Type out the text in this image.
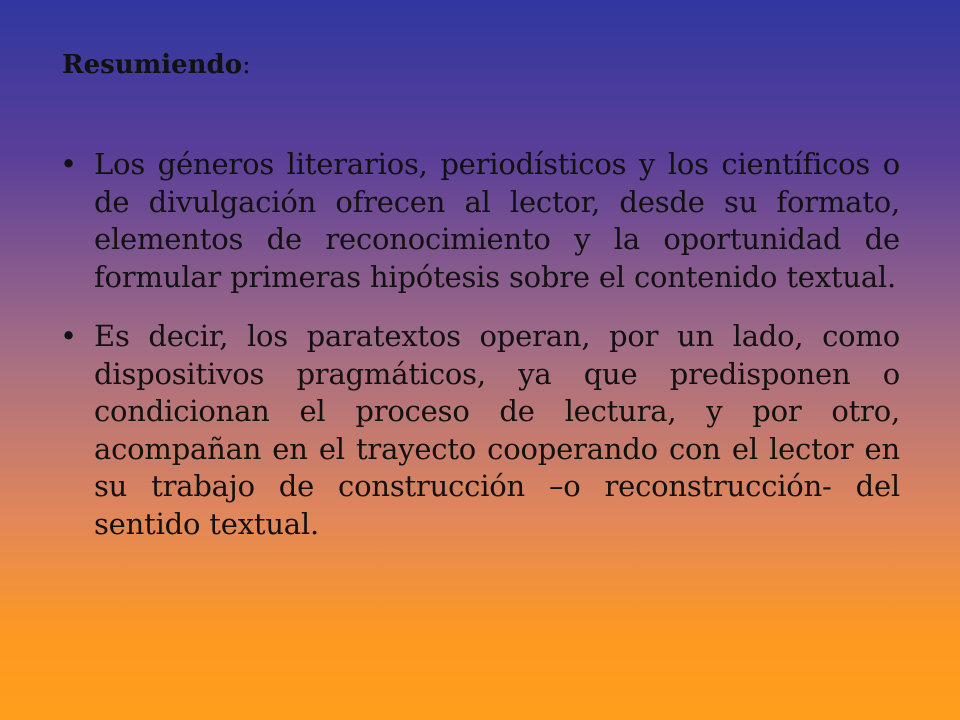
Resumiendo:
• Los géneros literarios, periodísticos y los científicos o de divulgación ofrecen al lector, desde su formato, elementos de reconocimiento y la oportunidad de formular primeras hipótesis sobre el contenido textual.
• Es decir, los paratextos operan, por un lado, como dispositivos pragmáticos, ya que predisponen o condicionan el proceso de lectura, y por otro, acompañan en el trayecto cooperando con el lector en su trabajo de construcción –o reconstrucción- del sentido textual.
